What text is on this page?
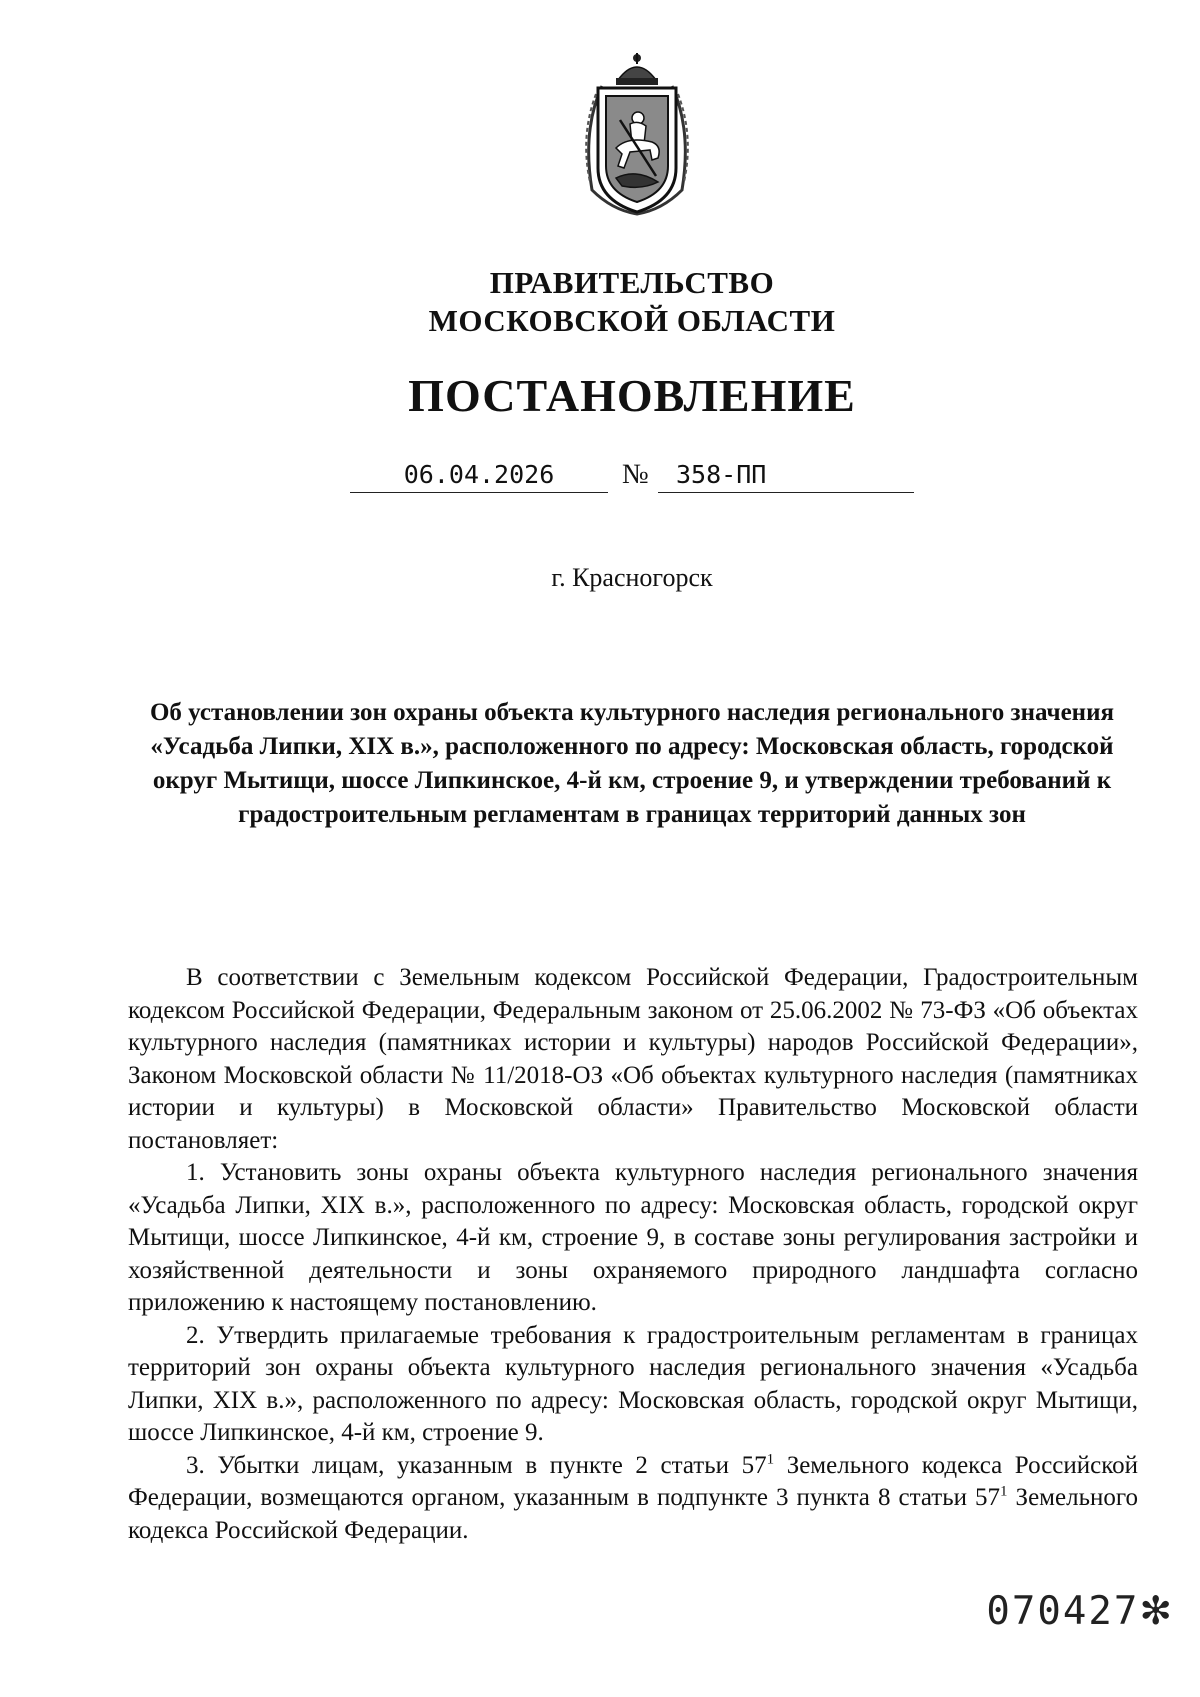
ПРАВИТЕЛЬСТВО
МОСКОВСКОЙ ОБЛАСТИ
ПОСТАНОВЛЕНИЕ
06.04.2026	№	358-ПП
г. Красногорск
Об установлении зон охраны объекта культурного наследия регионального значения «Усадьба Липки, XIX в.», расположенного по адресу: Московская область, городской округ Мытищи, шоссе Липкинское, 4-й км, строение 9, и утверждении требований к градостроительным регламентам в границах территорий данных зон

В соответствии с Земельным кодексом Российской Федерации, Градостроительным кодексом Российской Федерации, Федеральным законом от 25.06.2002 № 73-ФЗ «Об объектах культурного наследия (памятниках истории и культуры) народов Российской Федерации», Законом Московской области № 11/2018-ОЗ «Об объектах культурного наследия (памятниках истории и культуры) в Московской области» Правительство Московской области постановляет:

1. Установить зоны охраны объекта культурного наследия регионального значения «Усадьба Липки, XIX в.», расположенного по адресу: Московская область, городской округ Мытищи, шоссе Липкинское, 4-й км, строение 9, в составе зоны регулирования застройки и хозяйственной деятельности и зоны охраняемого природного ландшафта согласно приложению к настоящему постановлению.

2. Утвердить прилагаемые требования к градостроительным регламентам в границах территорий зон охраны объекта культурного наследия регионального значения «Усадьба Липки, XIX в.», расположенного по адресу: Московская область, городской округ Мытищи, шоссе Липкинское, 4-й км, строение 9.

3. Убытки лицам, указанным в пункте 2 статьи $57^1$ Земельного кодекса Российской Федерации, возмещаются органом, указанным в подпункте 3 пункта 8 статьи $57^1$ Земельного кодекса Российской Федерации.

070427✻
